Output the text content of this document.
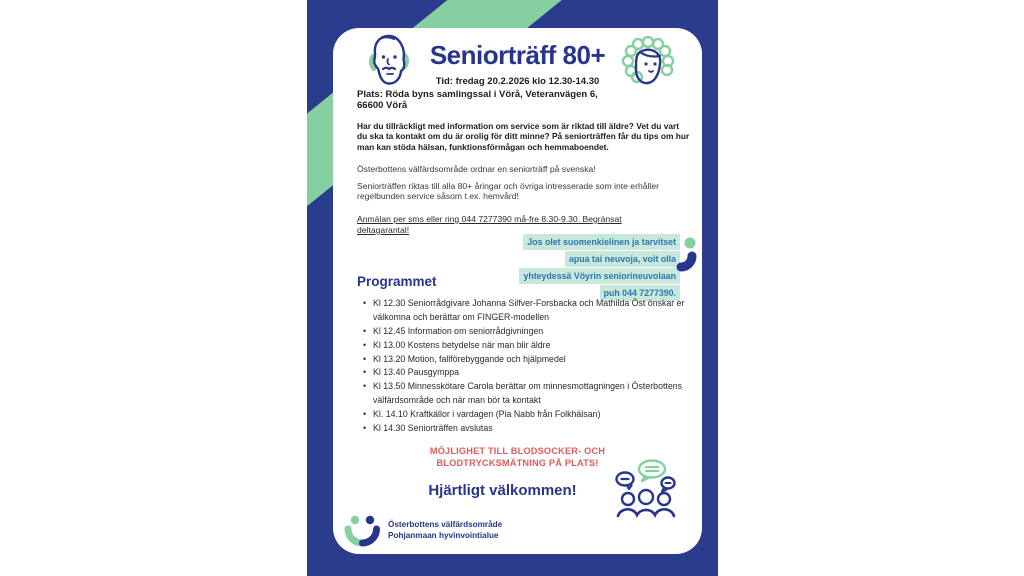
Seniorträff 80+
Tid: fredag 20.2.2026 klo 12.30-14.30
Plats: Röda byns samlingssal i Vörå, Veteranvägen 6,
66600 Vörå

Har du tillräckligt med information om service som är riktad till äldre? Vet du vart du ska ta kontakt om du är orolig för ditt minne? På seniorträffen får du tips om hur man kan stöda hälsan, funktionsförmågan och hemmaboendet.

Österbottens välfärdsområde ordnar en seniorträff på svenska!

Seniorträffen riktas till alla 80+ åringar och övriga intresserade som inte erhåller regelbunden service såsom t.ex. hemvård!

Anmälan per sms eller ring 044 7277390 må-fre 8.30-9.30. Begränsat deltagarantal!

Jos olet suomenkielinen ja tarvitset
apua tai neuvoja, voit olla
yhteydessä Vöyrin seniorineuvolaan
puh 044 7277390.
Programmet
• Kl 12.30 Seniorrådgivare Johanna Silfver-Forsbacka och Mathilda Öst önskar er välkomna och berättar om FINGER-modellen
• Kl 12.45 Information om seniorrådgivningen
• Kl 13.00 Kostens betydelse när man blir äldre
• Kl 13.20 Motion, fallförebyggande och hjälpmedel
• Kl 13.40 Pausgymppa
• Kl 13.50 Minnesskötare Carola berättar om minnesmottagningen i Österbottens välfärdsområde och när man bör ta kontakt
• Kl. 14.10 Kraftkällor i vardagen (Pia Nabb från Folkhälsan)
• Kl 14.30 Seniorträffen avslutas
MÖJLIGHET TILL BLODSOCKER- OCH BLODTRYCKSMÄTNING PÅ PLATS!
Hjärtligt välkommen!
Österbottens välfärdsområde
Pohjanmaan hyvinvointialue
